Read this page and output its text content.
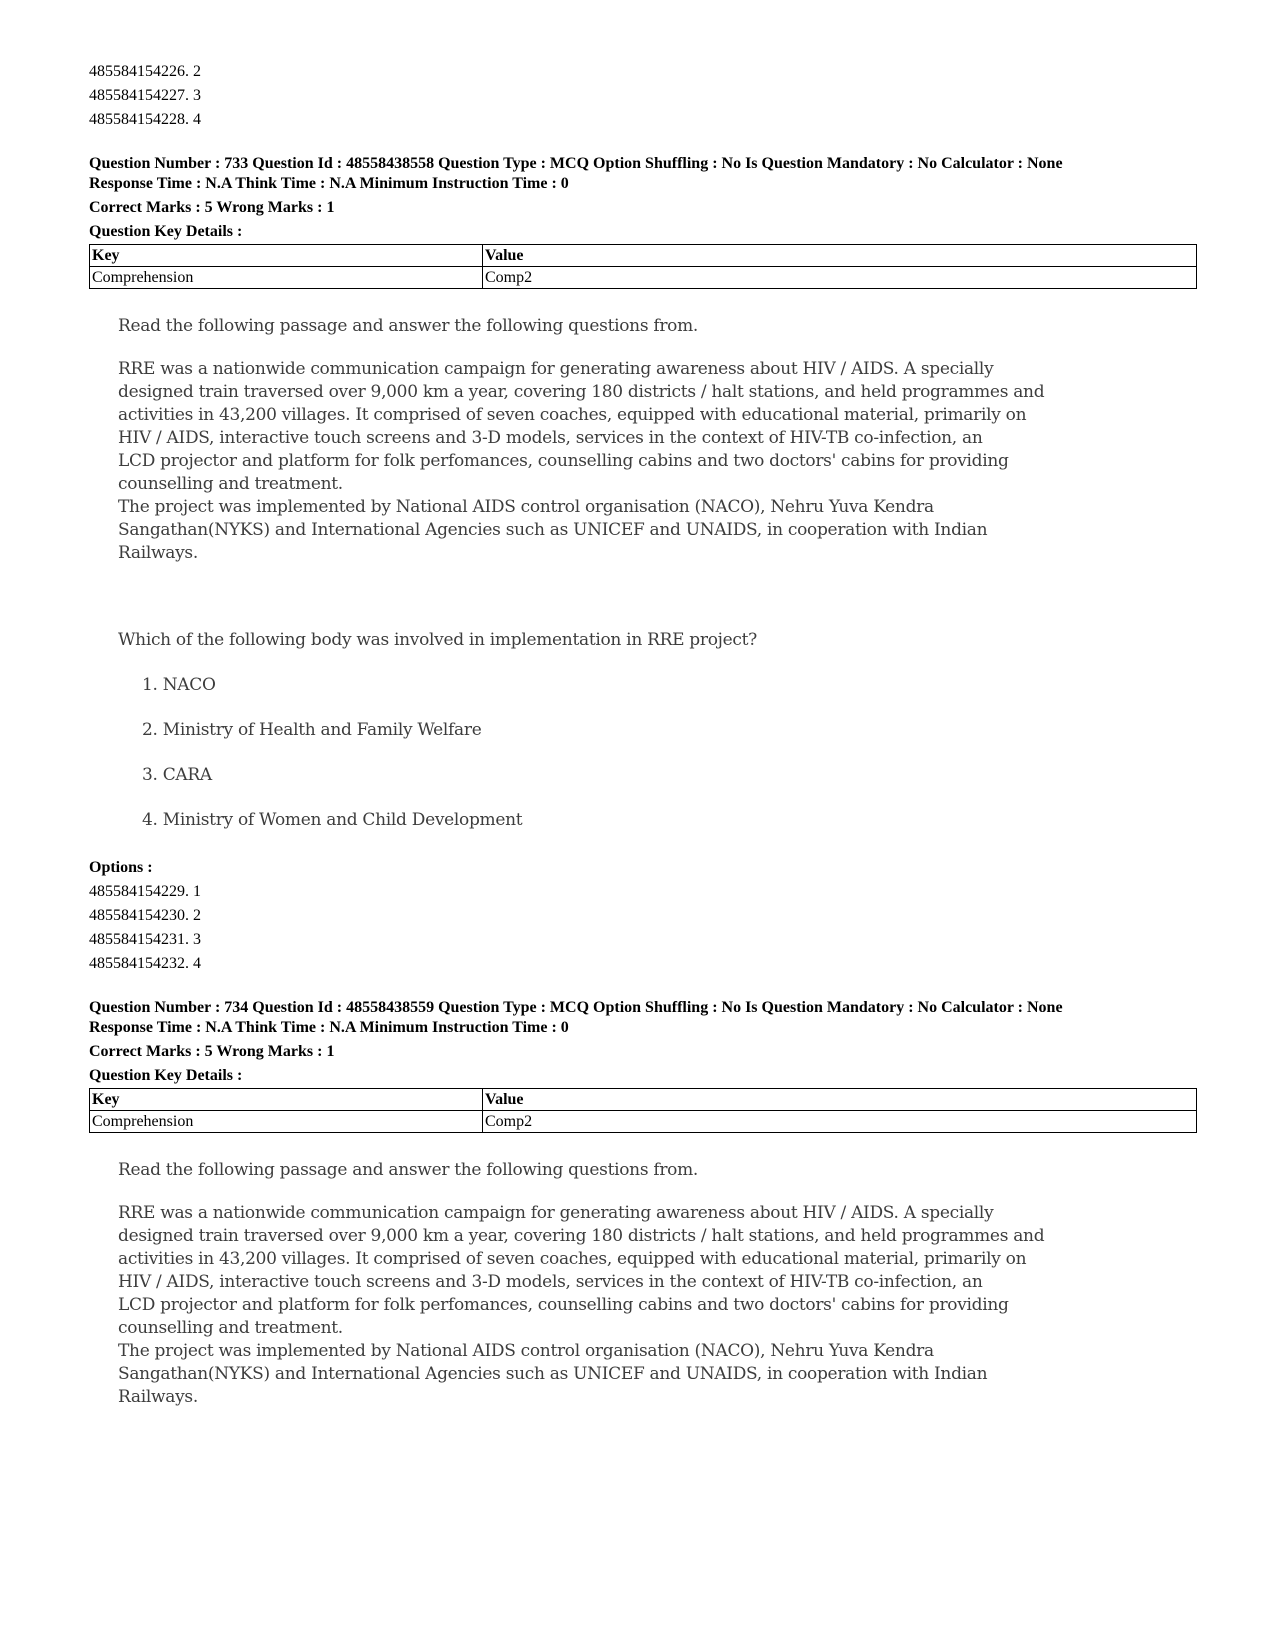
485584154226. 2
485584154227. 3
485584154228. 4
Question Number : 733 Question Id : 48558438558 Question Type : MCQ Option Shuffling : No Is Question Mandatory : No Calculator : None
Response Time : N.A Think Time : N.A Minimum Instruction Time : 0
Correct Marks : 5 Wrong Marks : 1
Question Key Details :
Key	Value
Comprehension	Comp2

Read the following passage and answer the following questions from.

RRE was a nationwide communication campaign for generating awareness about HIV / AIDS. A specially

designed train traversed over 9,000 km a year, covering 180 districts / halt stations, and held programmes and

activities in 43,200 villages. It comprised of seven coaches, equipped with educational material, primarily on

HIV / AIDS, interactive touch screens and 3-D models, services in the context of HIV-TB co-infection, an

LCD projector and platform for folk perfomances, counselling cabins and two doctors' cabins for providing

counselling and treatment.

The project was implemented by National AIDS control organisation (NACO), Nehru Yuva Kendra

Sangathan(NYKS) and International Agencies such as UNICEF and UNAIDS, in cooperation with Indian

Railways.

Which of the following body was involved in implementation in RRE project?

1. NACO

2. Ministry of Health and Family Welfare

3. CARA

4. Ministry of Women and Child Development

Options :
485584154229. 1
485584154230. 2
485584154231. 3
485584154232. 4
Question Number : 734 Question Id : 48558438559 Question Type : MCQ Option Shuffling : No Is Question Mandatory : No Calculator : None
Response Time : N.A Think Time : N.A Minimum Instruction Time : 0
Correct Marks : 5 Wrong Marks : 1
Question Key Details :
Key	Value
Comprehension	Comp2

Read the following passage and answer the following questions from.

RRE was a nationwide communication campaign for generating awareness about HIV / AIDS. A specially

designed train traversed over 9,000 km a year, covering 180 districts / halt stations, and held programmes and

activities in 43,200 villages. It comprised of seven coaches, equipped with educational material, primarily on

HIV / AIDS, interactive touch screens and 3-D models, services in the context of HIV-TB co-infection, an

LCD projector and platform for folk perfomances, counselling cabins and two doctors' cabins for providing

counselling and treatment.

The project was implemented by National AIDS control organisation (NACO), Nehru Yuva Kendra

Sangathan(NYKS) and International Agencies such as UNICEF and UNAIDS, in cooperation with Indian

Railways.
